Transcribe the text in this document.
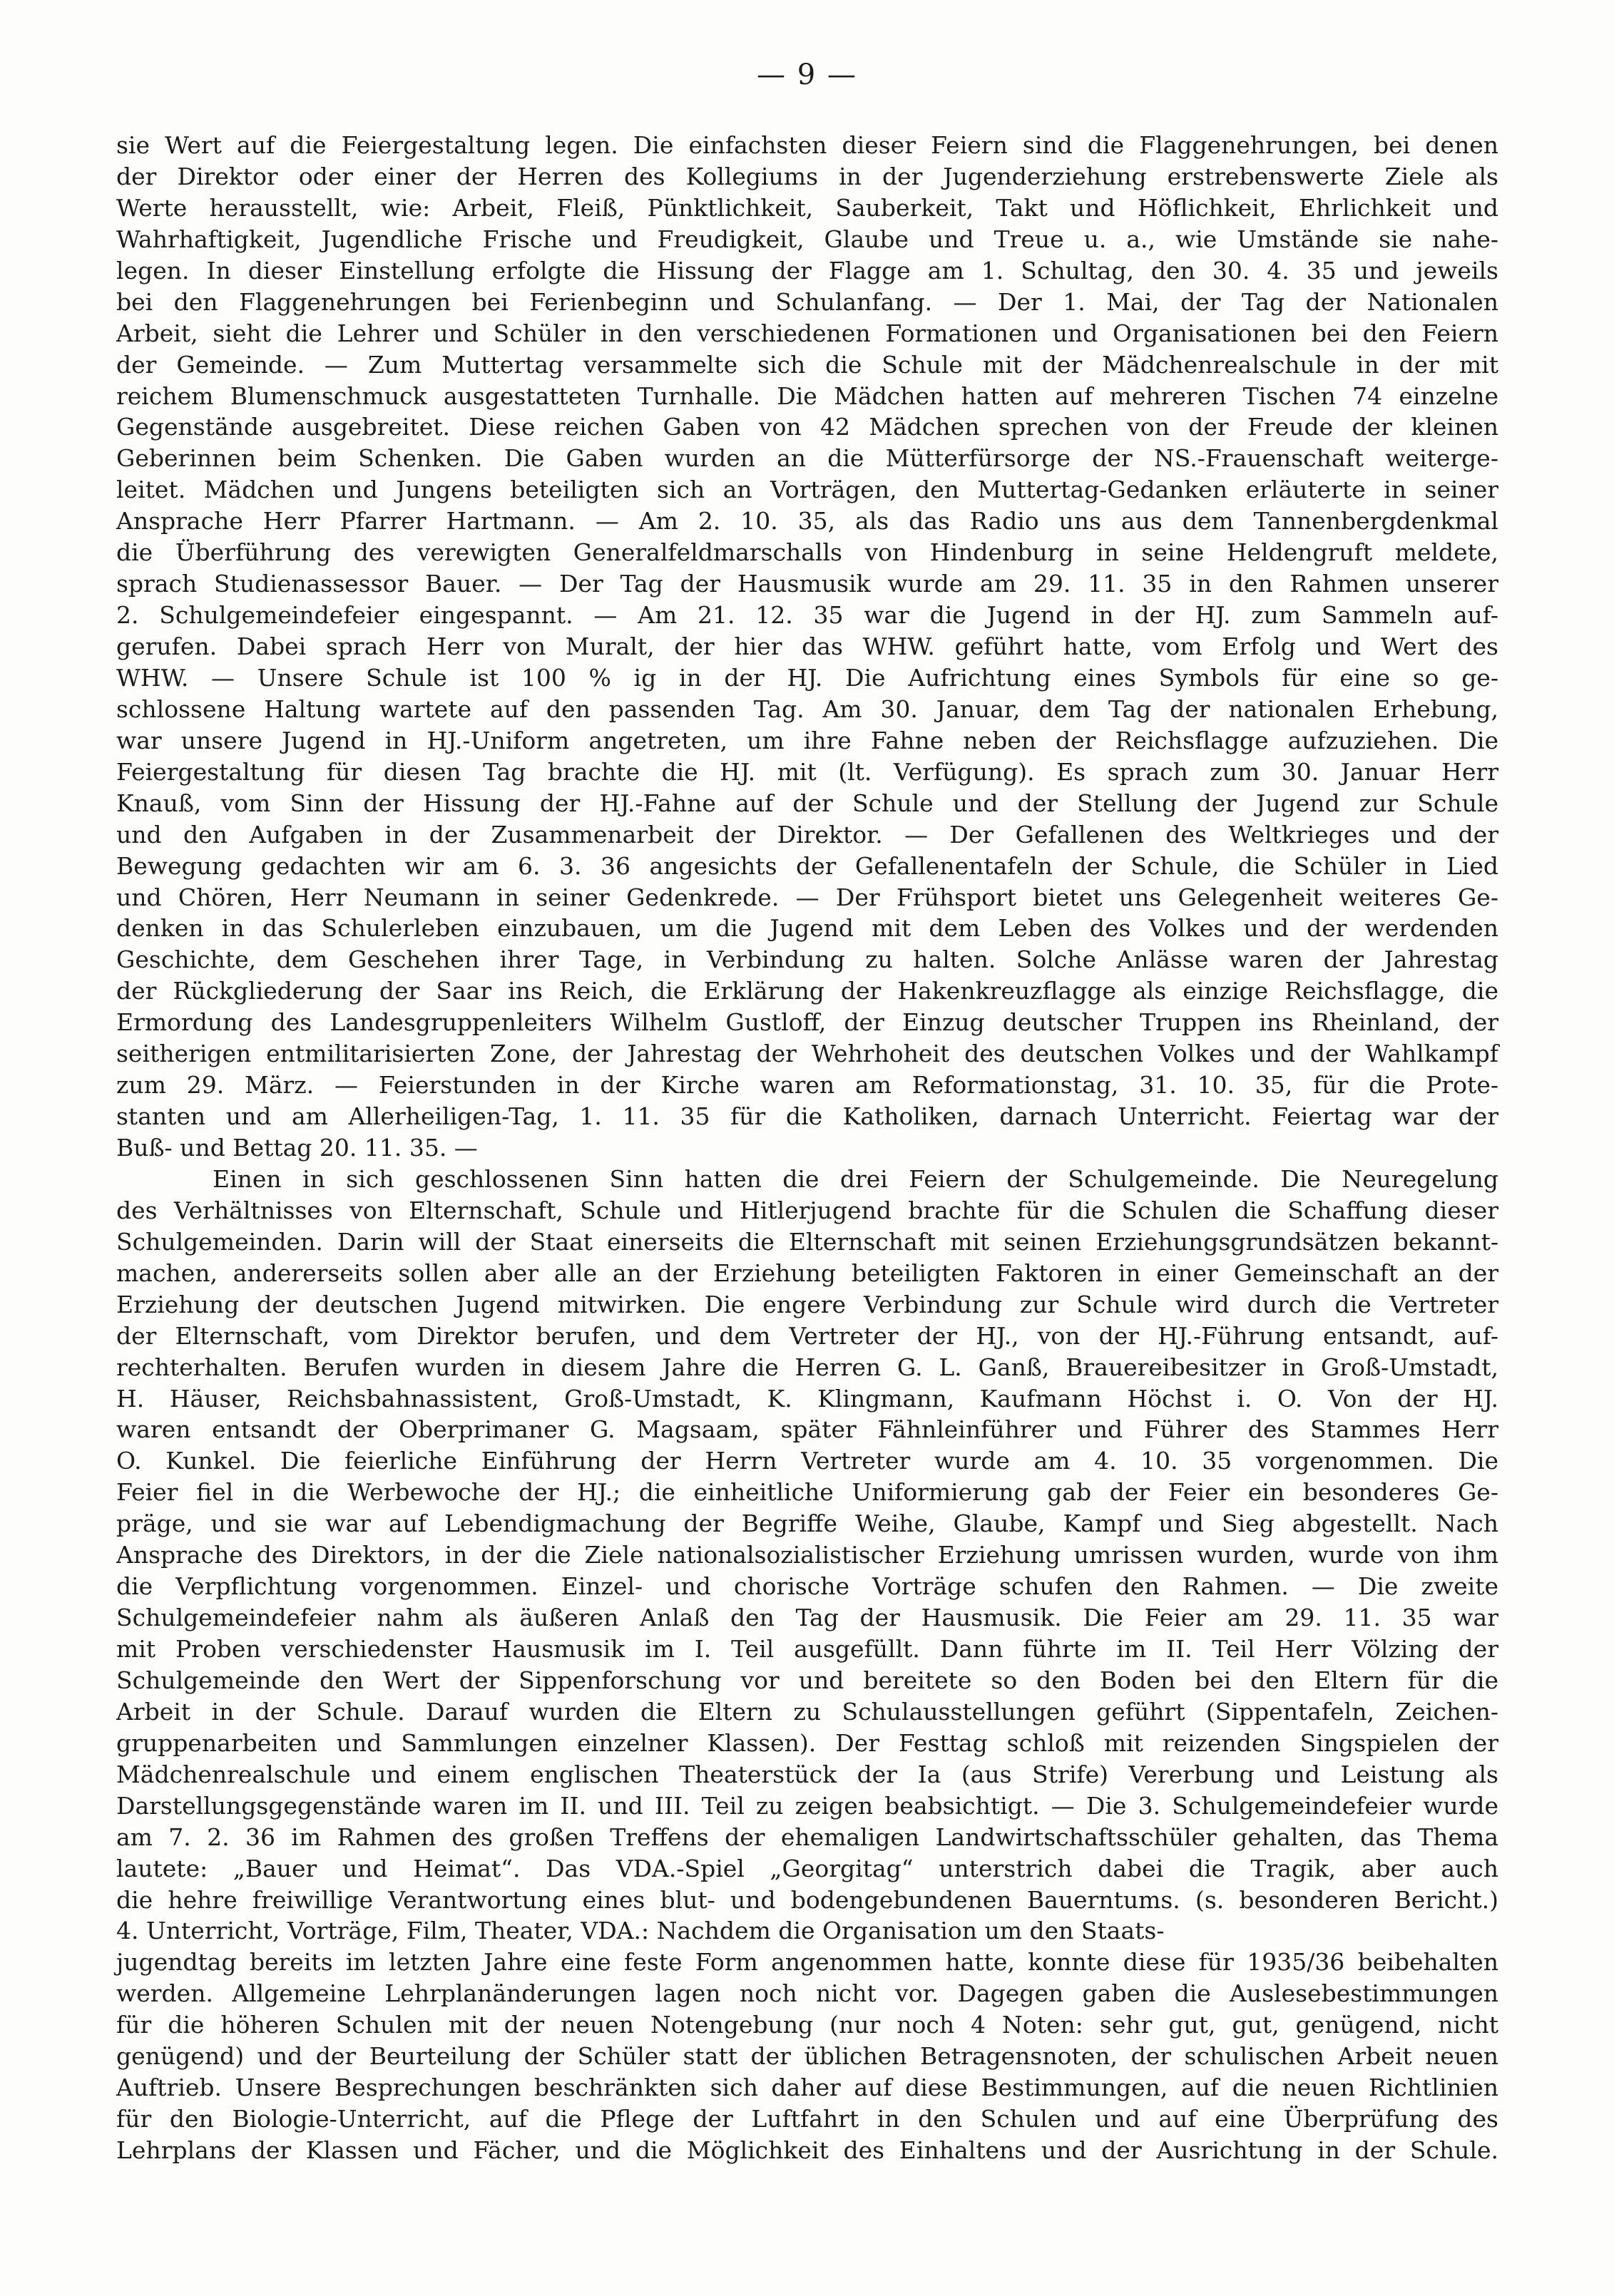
— 9 —
sie Wert auf die Feiergestaltung legen. Die einfachsten dieser Feiern sind die Flaggenehrungen, bei denen
der Direktor oder einer der Herren des Kollegiums in der Jugenderziehung erstrebenswerte Ziele als
Werte herausstellt, wie: Arbeit, Fleiß, Pünktlichkeit, Sauberkeit, Takt und Höflichkeit, Ehrlichkeit und
Wahrhaftigkeit, Jugendliche Frische und Freudigkeit, Glaube und Treue u. a., wie Umstände sie nahe-
legen. In dieser Einstellung erfolgte die Hissung der Flagge am 1. Schultag, den 30. 4. 35 und jeweils
bei den Flaggenehrungen bei Ferienbeginn und Schulanfang. — Der 1. Mai, der Tag der Nationalen
Arbeit, sieht die Lehrer und Schüler in den verschiedenen Formationen und Organisationen bei den Feiern
der Gemeinde. — Zum Muttertag versammelte sich die Schule mit der Mädchenrealschule in der mit
reichem Blumenschmuck ausgestatteten Turnhalle. Die Mädchen hatten auf mehreren Tischen 74 einzelne
Gegenstände ausgebreitet. Diese reichen Gaben von 42 Mädchen sprechen von der Freude der kleinen
Geberinnen beim Schenken. Die Gaben wurden an die Mütterfürsorge der NS.-Frauenschaft weiterge-
leitet. Mädchen und Jungens beteiligten sich an Vorträgen, den Muttertag-Gedanken erläuterte in seiner
Ansprache Herr Pfarrer Hartmann. — Am 2. 10. 35, als das Radio uns aus dem Tannenbergdenkmal
die Überführung des verewigten Generalfeldmarschalls von Hindenburg in seine Heldengruft meldete,
sprach Studienassessor Bauer. — Der Tag der Hausmusik wurde am 29. 11. 35 in den Rahmen unserer
2. Schulgemeindefeier eingespannt. — Am 21. 12. 35 war die Jugend in der HJ. zum Sammeln auf-
gerufen. Dabei sprach Herr von Muralt, der hier das WHW. geführt hatte, vom Erfolg und Wert des
WHW. — Unsere Schule ist 100 % ig in der HJ. Die Aufrichtung eines Symbols für eine so ge-
schlossene Haltung wartete auf den passenden Tag. Am 30. Januar, dem Tag der nationalen Erhebung,
war unsere Jugend in HJ.-Uniform angetreten, um ihre Fahne neben der Reichsflagge aufzuziehen. Die
Feiergestaltung für diesen Tag brachte die HJ. mit (lt. Verfügung). Es sprach zum 30. Januar Herr
Knauß, vom Sinn der Hissung der HJ.-Fahne auf der Schule und der Stellung der Jugend zur Schule
und den Aufgaben in der Zusammenarbeit der Direktor. — Der Gefallenen des Weltkrieges und der
Bewegung gedachten wir am 6. 3. 36 angesichts der Gefallenentafeln der Schule, die Schüler in Lied
und Chören, Herr Neumann in seiner Gedenkrede. — Der Frühsport bietet uns Gelegenheit weiteres Ge-
denken in das Schulerleben einzubauen, um die Jugend mit dem Leben des Volkes und der werdenden
Geschichte, dem Geschehen ihrer Tage, in Verbindung zu halten. Solche Anlässe waren der Jahrestag
der Rückgliederung der Saar ins Reich, die Erklärung der Hakenkreuzflagge als einzige Reichsflagge, die
Ermordung des Landesgruppenleiters Wilhelm Gustloff, der Einzug deutscher Truppen ins Rheinland, der
seitherigen entmilitarisierten Zone, der Jahrestag der Wehrhoheit des deutschen Volkes und der Wahlkampf
zum 29. März. — Feierstunden in der Kirche waren am Reformationstag, 31. 10. 35, für die Prote-
stanten und am Allerheiligen-Tag, 1. 11. 35 für die Katholiken, darnach Unterricht. Feiertag war der
Buß- und Bettag 20. 11. 35. —
Einen in sich geschlossenen Sinn hatten die drei Feiern der Schulgemeinde. Die Neuregelung
des Verhältnisses von Elternschaft, Schule und Hitlerjugend brachte für die Schulen die Schaffung dieser
Schulgemeinden. Darin will der Staat einerseits die Elternschaft mit seinen Erziehungsgrundsätzen bekannt-
machen, andererseits sollen aber alle an der Erziehung beteiligten Faktoren in einer Gemeinschaft an der
Erziehung der deutschen Jugend mitwirken. Die engere Verbindung zur Schule wird durch die Vertreter
der Elternschaft, vom Direktor berufen, und dem Vertreter der HJ., von der HJ.-Führung entsandt, auf-
rechterhalten. Berufen wurden in diesem Jahre die Herren G. L. Ganß, Brauereibesitzer in Groß-Umstadt,
H. Häuser, Reichsbahnassistent, Groß-Umstadt, K. Klingmann, Kaufmann Höchst i. O. Von der HJ.
waren entsandt der Oberprimaner G. Magsaam, später Fähnleinführer und Führer des Stammes Herr
O. Kunkel. Die feierliche Einführung der Herrn Vertreter wurde am 4. 10. 35 vorgenommen. Die
Feier fiel in die Werbewoche der HJ.; die einheitliche Uniformierung gab der Feier ein besonderes Ge-
präge, und sie war auf Lebendigmachung der Begriffe Weihe, Glaube, Kampf und Sieg abgestellt. Nach
Ansprache des Direktors, in der die Ziele nationalsozialistischer Erziehung umrissen wurden, wurde von ihm
die Verpflichtung vorgenommen. Einzel- und chorische Vorträge schufen den Rahmen. — Die zweite
Schulgemeindefeier nahm als äußeren Anlaß den Tag der Hausmusik. Die Feier am 29. 11. 35 war
mit Proben verschiedenster Hausmusik im I. Teil ausgefüllt. Dann führte im II. Teil Herr Völzing der
Schulgemeinde den Wert der Sippenforschung vor und bereitete so den Boden bei den Eltern für die
Arbeit in der Schule. Darauf wurden die Eltern zu Schulausstellungen geführt (Sippentafeln, Zeichen-
gruppenarbeiten und Sammlungen einzelner Klassen). Der Festtag schloß mit reizenden Singspielen der
Mädchenrealschule und einem englischen Theaterstück der Ia (aus Strife) Vererbung und Leistung als
Darstellungsgegenstände waren im II. und III. Teil zu zeigen beabsichtigt. — Die 3. Schulgemeindefeier wurde
am 7. 2. 36 im Rahmen des großen Treffens der ehemaligen Landwirtschaftsschüler gehalten, das Thema
lautete: „Bauer und Heimat“. Das VDA.-Spiel „Georgitag“ unterstrich dabei die Tragik, aber auch
die hehre freiwillige Verantwortung eines blut- und bodengebundenen Bauerntums. (s. besonderen Bericht.)
4. Unterricht, Vorträge, Film, Theater, VDA.: Nachdem die Organisation um den Staats-
jugendtag bereits im letzten Jahre eine feste Form angenommen hatte, konnte diese für 1935/36 beibehalten
werden. Allgemeine Lehrplanänderungen lagen noch nicht vor. Dagegen gaben die Auslesebestimmungen
für die höheren Schulen mit der neuen Notengebung (nur noch 4 Noten: sehr gut, gut, genügend, nicht
genügend) und der Beurteilung der Schüler statt der üblichen Betragensnoten, der schulischen Arbeit neuen
Auftrieb. Unsere Besprechungen beschränkten sich daher auf diese Bestimmungen, auf die neuen Richtlinien
für den Biologie-Unterricht, auf die Pflege der Luftfahrt in den Schulen und auf eine Überprüfung des
Lehrplans der Klassen und Fächer, und die Möglichkeit des Einhaltens und der Ausrichtung in der Schule.
